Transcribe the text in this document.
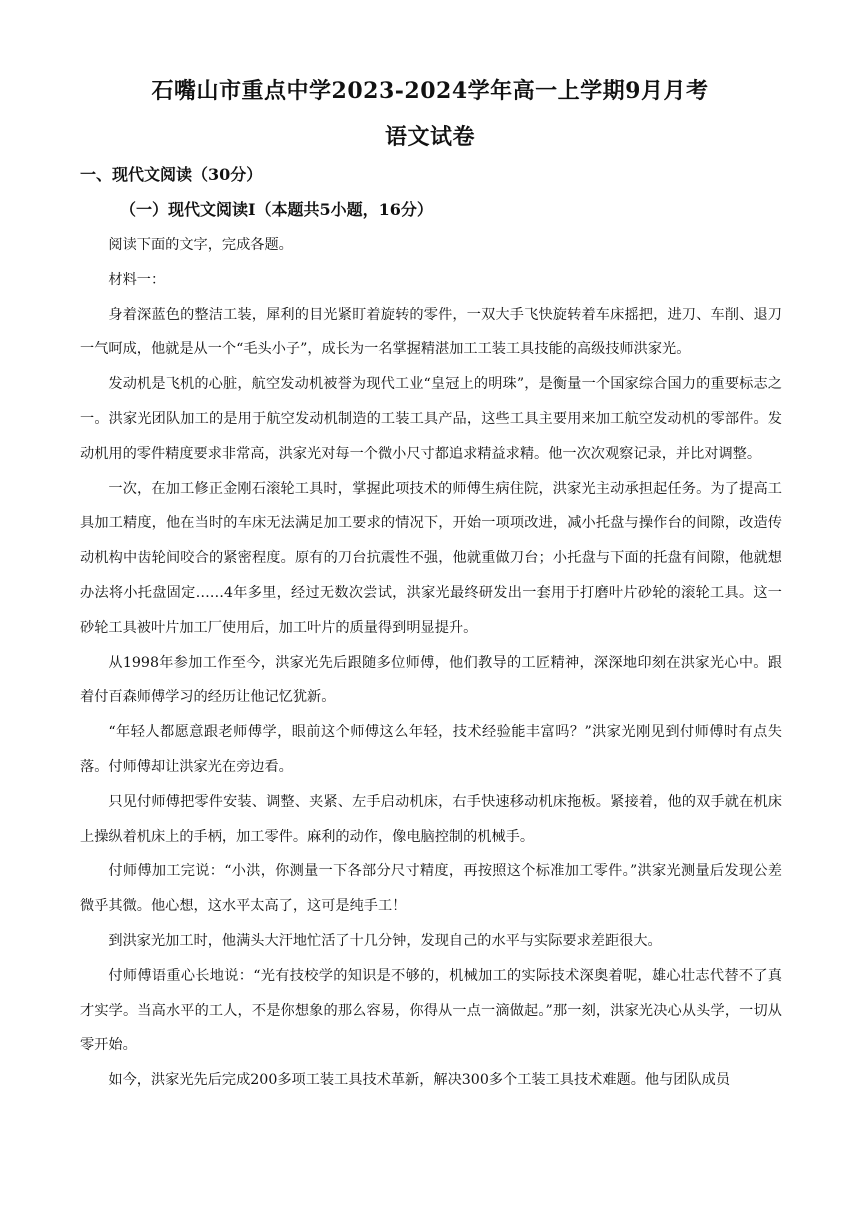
石嘴山市重点中学2023-2024学年高一上学期9月月考
语文试卷
一、现代文阅读（30分）
（一）现代文阅读Ⅰ（本题共5小题，16分）

阅读下面的文字，完成各题。

材料一：

身着深蓝色的整洁工装，犀利的目光紧盯着旋转的零件，一双大手飞快旋转着车床摇把，进刀、车削、退刀一气呵成，他就是从一个“毛头小子”，成长为一名掌握精湛加工工装工具技能的高级技师洪家光。

发动机是飞机的心脏，航空发动机被誉为现代工业“皇冠上的明珠”，是衡量一个国家综合国力的重要标志之一。洪家光团队加工的是用于航空发动机制造的工装工具产品，这些工具主要用来加工航空发动机的零部件。发动机用的零件精度要求非常高，洪家光对每一个微小尺寸都追求精益求精。他一次次观察记录，并比对调整。

一次，在加工修正金刚石滚轮工具时，掌握此项技术的师傅生病住院，洪家光主动承担起任务。为了提高工具加工精度，他在当时的车床无法满足加工要求的情况下，开始一项项改进，减小托盘与操作台的间隙，改造传动机构中齿轮间咬合的紧密程度。原有的刀台抗震性不强，他就重做刀台；小托盘与下面的托盘有间隙，他就想办法将小托盘固定……4年多里，经过无数次尝试，洪家光最终研发出一套用于打磨叶片砂轮的滚轮工具。这一砂轮工具被叶片加工厂使用后，加工叶片的质量得到明显提升。

从1998年参加工作至今，洪家光先后跟随多位师傅，他们教导的工匠精神，深深地印刻在洪家光心中。跟着付百森师傅学习的经历让他记忆犹新。

“年轻人都愿意跟老师傅学，眼前这个师傅这么年轻，技术经验能丰富吗？”洪家光刚见到付师傅时有点失落。付师傅却让洪家光在旁边看。

只见付师傅把零件安装、调整、夹紧、左手启动机床，右手快速移动机床拖板。紧接着，他的双手就在机床上操纵着机床上的手柄，加工零件。麻利的动作，像电脑控制的机械手。

付师傅加工完说：“小洪，你测量一下各部分尺寸精度，再按照这个标准加工零件。”洪家光测量后发现公差微乎其微。他心想，这水平太高了，这可是纯手工！

到洪家光加工时，他满头大汗地忙活了十几分钟，发现自己的水平与实际要求差距很大。

付师傅语重心长地说：“光有技校学的知识是不够的，机械加工的实际技术深奥着呢，雄心壮志代替不了真才实学。当高水平的工人，不是你想象的那么容易，你得从一点一滴做起。”那一刻，洪家光决心从头学，一切从零开始。

如今，洪家光先后完成200多项工装工具技术革新，解决300多个工装工具技术难题。他与团队成员
